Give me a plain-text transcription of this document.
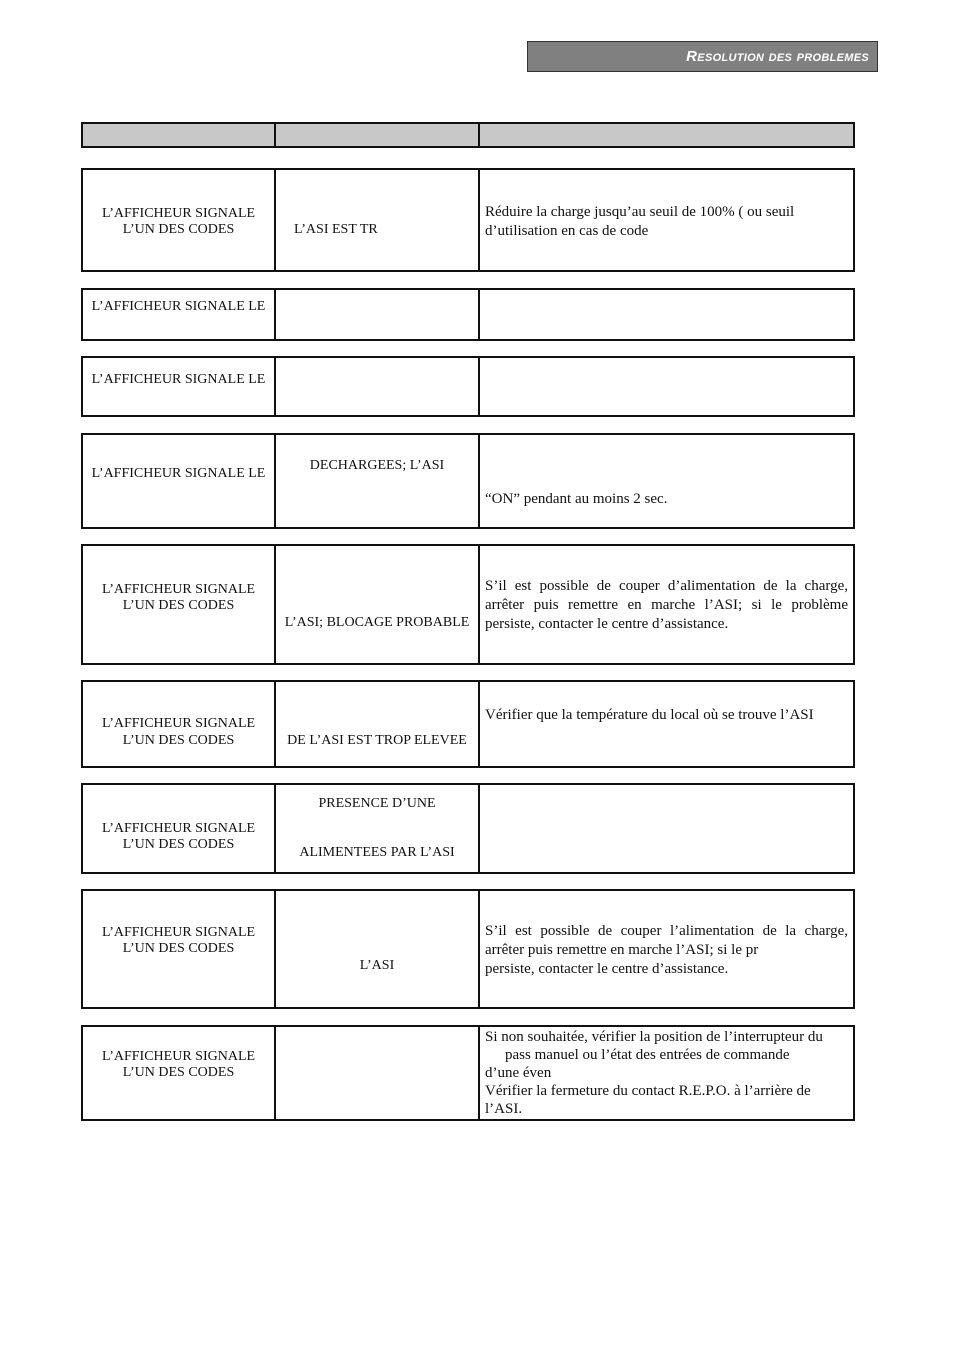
Resolution des problemes
L’AFFICHEUR SIGNALE
L’UN DES CODES	L’ASI EST TR
Réduire la charge jusqu’au seuil de 100% ( ou seuil
d’utilisation en cas de code
L’AFFICHEUR SIGNALE LE
L’AFFICHEUR SIGNALE LE
L’AFFICHEUR SIGNALE LE
DECHARGEES; L’ASI
“ON” pendant au moins 2 sec.
L’AFFICHEUR SIGNALE
L’UN DES CODES
L’ASI; BLOCAGE PROBABLE
S’il est possible de couper d’alimentation de la charge, arrêter puis remettre en marche l’ASI; si le problème persiste, contacter le centre d’assistance.
L’AFFICHEUR SIGNALE
L’UN DES CODES	DE L’ASI EST TROP ELEVEE
Vérifier que la température du local où se trouve l’ASI
L’AFFICHEUR SIGNALE
L’UN DES CODES
PRESENCE D’UNE
ALIMENTEES PAR L’ASI
L’AFFICHEUR SIGNALE
L’UN DES CODES
L’ASI
S’il est possible de couper l’alimentation de la charge, arrêter puis remettre en marche l’ASI; si le pr
persiste, contacter le centre d’assistance.
L’AFFICHEUR SIGNALE
L’UN DES CODES
Si non souhaitée, vérifier la position de l’interrupteur du
pass manuel ou l’état des entrées de commande
d’une éven
Vérifier la fermeture du contact R.E.P.O. à l’arrière de
l’ASI.
